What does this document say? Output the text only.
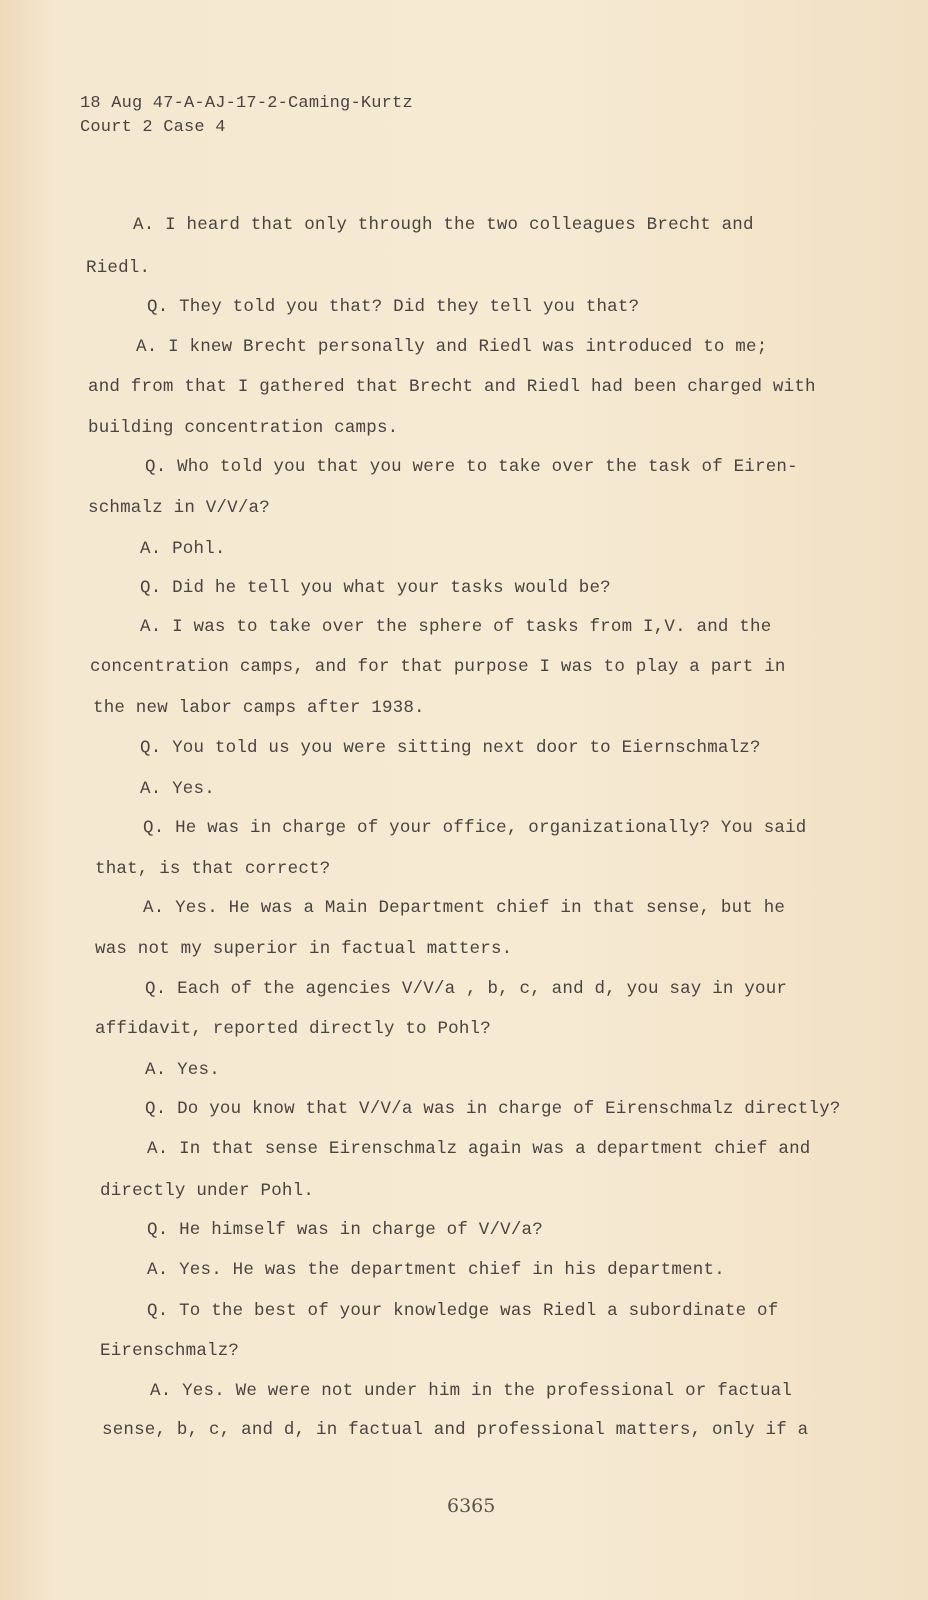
18 Aug 47-A-AJ-17-2-Caming-Kurtz
Court 2 Case 4
A. I heard that only through the two colleagues Brecht and
Riedl.
Q. They told you that? Did they tell you that?
A. I knew Brecht personally and Riedl was introduced to me;
and from that I gathered that Brecht and Riedl had been charged with
building concentration camps.
Q. Who told you that you were to take over the task of Eiren-
schmalz in V/V/a?
A. Pohl.
Q. Did he tell you what your tasks would be?
A. I was to take over the sphere of tasks from I,V. and the
concentration camps, and for that purpose I was to play a part in
the new labor camps after 1938.
Q. You told us you were sitting next door to Eiernschmalz?
A. Yes.
Q. He was in charge of your office, organizationally? You said
that, is that correct?
A. Yes. He was a Main Department chief in that sense, but he
was not my superior in factual matters.
Q. Each of the agencies V/V/a , b, c, and d, you say in your
affidavit, reported directly to Pohl?
A. Yes.
Q. Do you know that V/V/a was in charge of Eirenschmalz directly?
A. In that sense Eirenschmalz again was a department chief and
directly under Pohl.
Q. He himself was in charge of V/V/a?
A. Yes. He was the department chief in his department.
Q. To the best of your knowledge was Riedl a subordinate of
Eirenschmalz?
A. Yes. We were not under him in the professional or factual
sense, b, c, and d, in factual and professional matters, only if a
6365
